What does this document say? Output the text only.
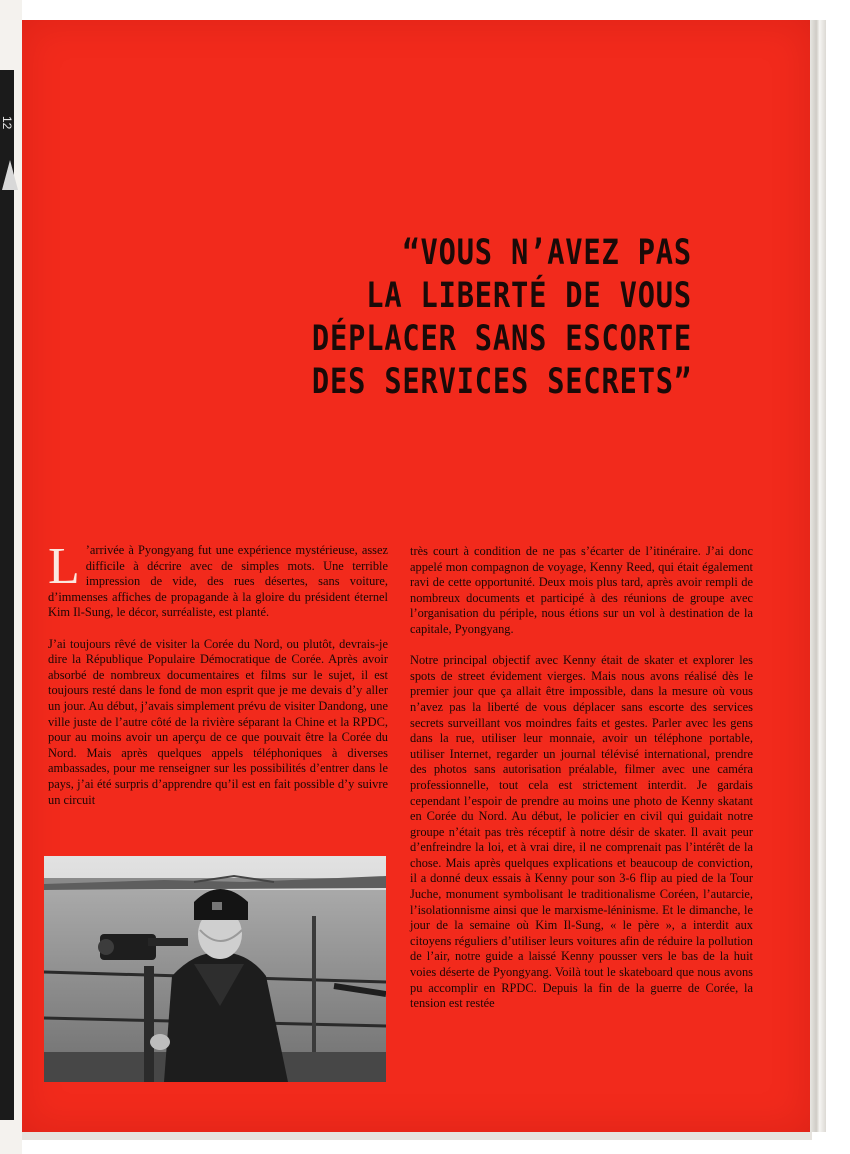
12
“VOUS N’AVEZ PAS
LA LIBERTÉ DE VOUS
DÉPLACER SANS ESCORTE
DES SERVICES SECRETS”

L ’arrivée à Pyongyang fut une expérience mystérieuse, assez difficile à décrire avec de simples mots. Une terrible impression de vide, des rues désertes, sans voiture, d’immenses affiches de propagande à la gloire du président éternel Kim Il-Sung, le décor, surréaliste, est planté.

J’ai toujours rêvé de visiter la Corée du Nord, ou plutôt, devrais-je dire la République Populaire Démocratique de Corée. Après avoir absorbé de nombreux documentaires et films sur le sujet, il est toujours resté dans le fond de mon esprit que je me devais d’y aller un jour. Au début, j’avais simplement prévu de visiter Dandong, une ville juste de l’autre côté de la rivière séparant la Chine et la RPDC, pour au moins avoir un aperçu de ce que pouvait être la Corée du Nord. Mais après quelques appels téléphoniques à diverses ambassades, pour me renseigner sur les possibilités d’entrer dans le pays, j’ai été surpris d’apprendre qu’il est en fait possible d’y suivre un circuit

très court à condition de ne pas s’écarter de l’itinéraire. J’ai donc appelé mon compagnon de voyage, Kenny Reed, qui était également ravi de cette opportunité. Deux mois plus tard, après avoir rempli de nombreux documents et participé à des réunions de groupe avec l’organisation du périple, nous étions sur un vol à destination de la capitale, Pyongyang.

Notre principal objectif avec Kenny était de skater et explorer les spots de street évidement vierges. Mais nous avons réalisé dès le premier jour que ça allait être impossible, dans la mesure où vous n’avez pas la liberté de vous déplacer sans escorte des services secrets surveillant vos moindres faits et gestes. Parler avec les gens dans la rue, utiliser leur monnaie, avoir un téléphone portable, utiliser Internet, regarder un journal télévisé international, prendre des photos sans autorisation préalable, filmer avec une caméra professionnelle, tout cela est strictement interdit. Je gardais cependant l’espoir de prendre au moins une photo de Kenny skatant en Corée du Nord. Au début, le policier en civil qui guidait notre groupe n’était pas très réceptif à notre désir de skater. Il avait peur d’enfreindre la loi, et à vrai dire, il ne comprenait pas l’intérêt de la chose. Mais après quelques explications et beaucoup de conviction, il a donné deux essais à Kenny pour son 3-6 flip au pied de la Tour Juche, monument symbolisant le traditionalisme Coréen, l’autarcie, l’isolationnisme ainsi que le marxisme-léninisme. Et le dimanche, le jour de la semaine où Kim Il-Sung, « le père », a interdit aux citoyens réguliers d’utiliser leurs voitures afin de réduire la pollution de l’air, notre guide a laissé Kenny pousser vers le bas de la huit voies déserte de Pyongyang. Voilà tout le skateboard que nous avons pu accomplir en RPDC. Depuis la fin de la guerre de Corée, la tension est restée
